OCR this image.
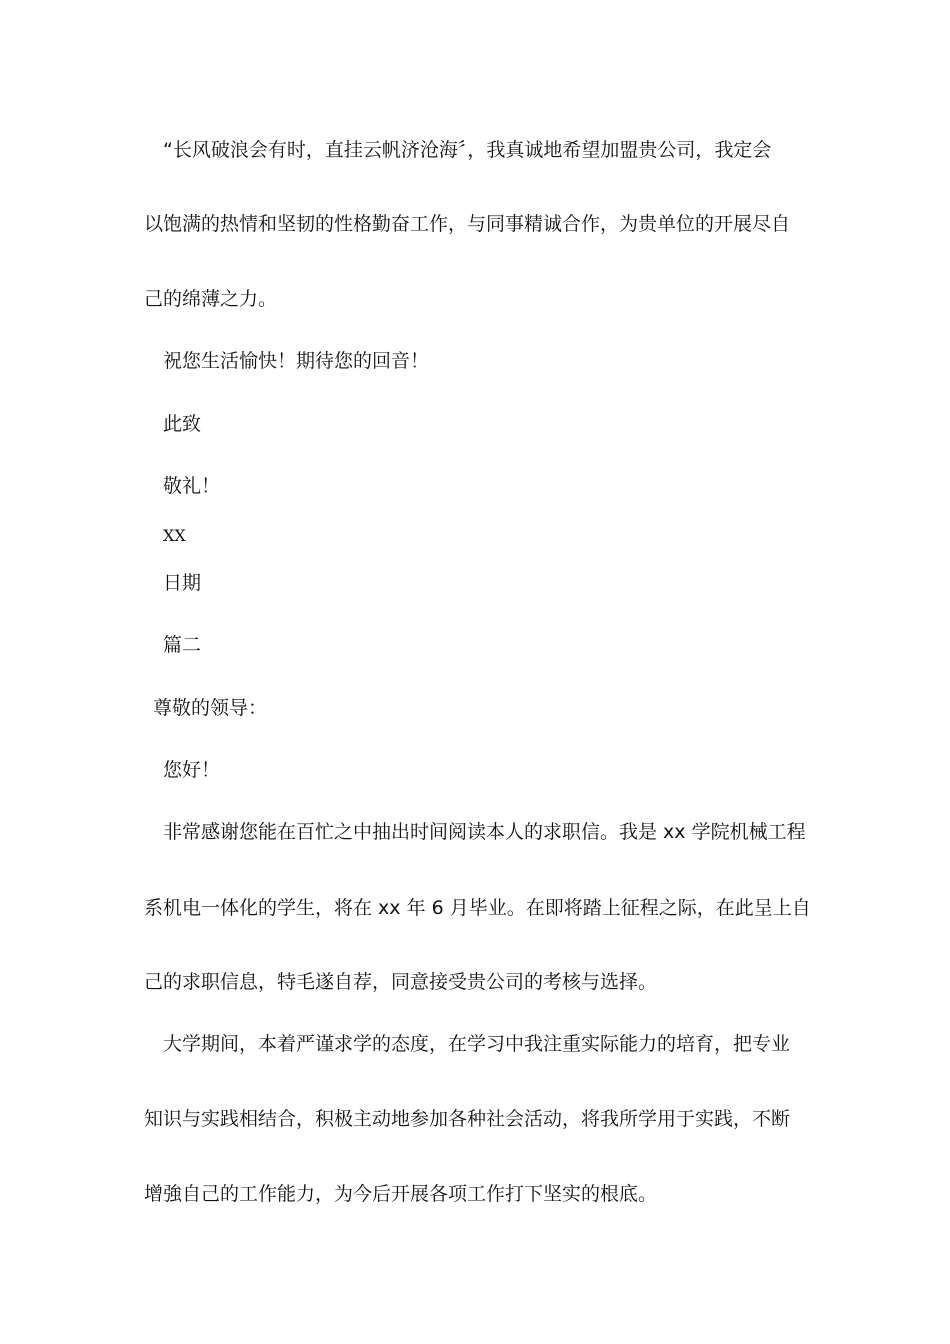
“长风破浪会有时，直挂云帆济沧海〞，我真诚地希望加盟贵公司，我定会

以饱满的热情和坚韧的性格勤奋工作，与同事精诚合作，为贵单位的开展尽自

己的绵薄之力。

祝您生活愉快！期待您的回音！

此致

敬礼！

XX

日期

篇二

尊敬的领导：

您好！

非常感谢您能在百忙之中抽出时间阅读本人的求职信。我是 xx 学院机械工程

系机电一体化的学生，将在 xx 年 6 月毕业。在即将踏上征程之际，在此呈上自

己的求职信息，特毛遂自荐，同意接受贵公司的考核与选择。

大学期间，本着严谨求学的态度，在学习中我注重实际能力的培育，把专业

知识与实践相结合，积极主动地参加各种社会活动，将我所学用于实践，不断

增強自己的工作能力，为今后开展各项工作打下坚实的根底。
